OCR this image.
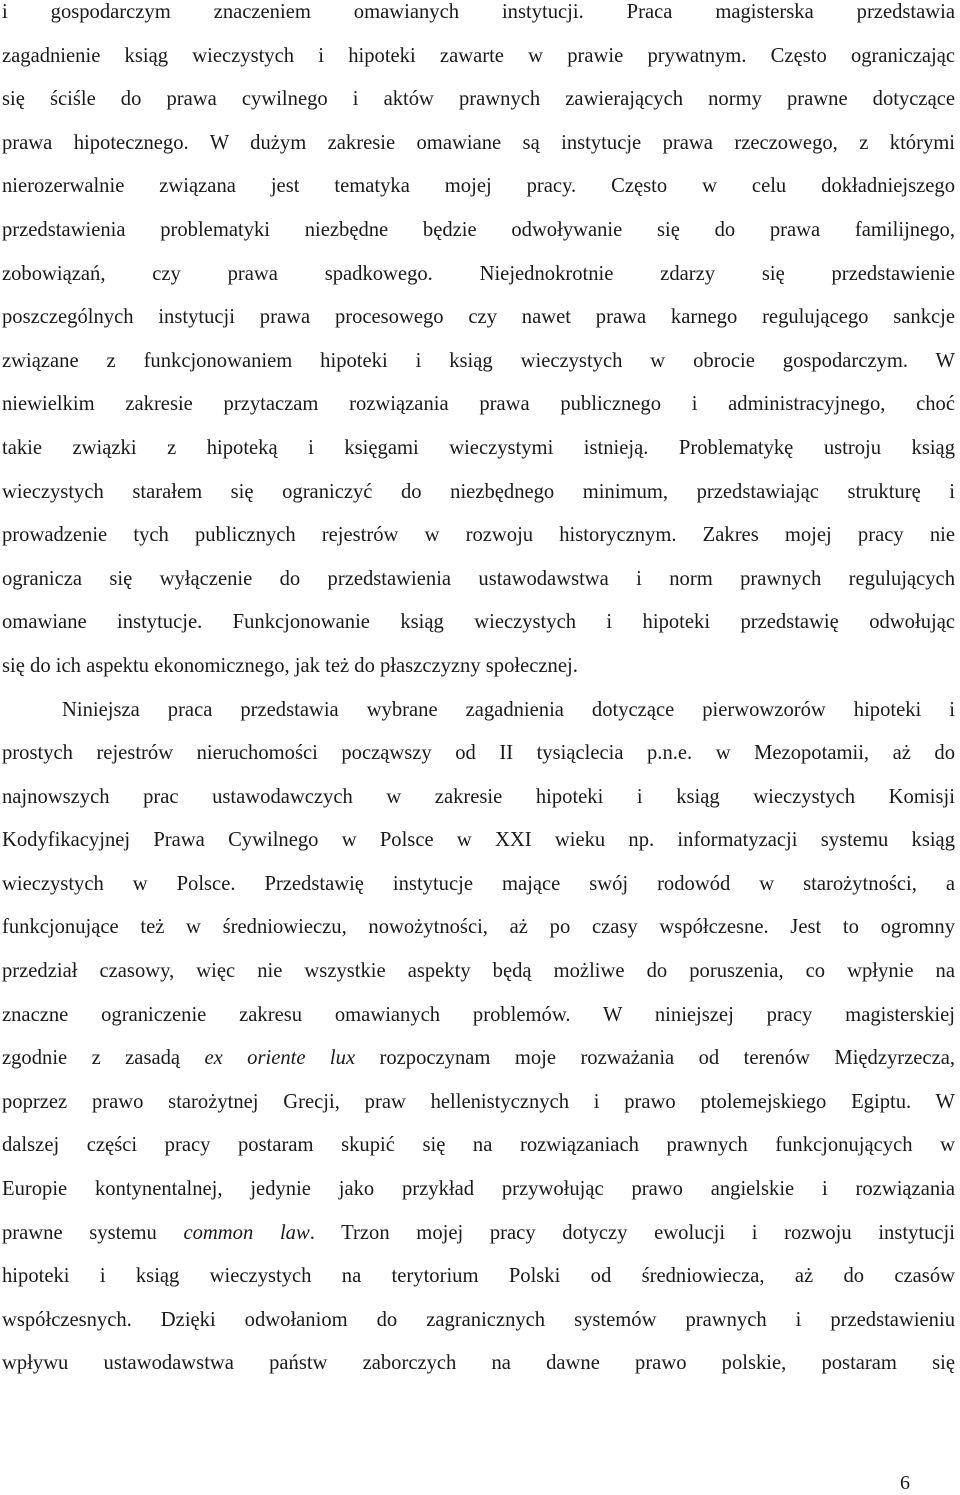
i gospodarczym znaczeniem omawianych instytucji. Praca magisterska przedstawia
zagadnienie ksiąg wieczystych i hipoteki zawarte w prawie prywatnym. Często ograniczając
się ściśle do prawa cywilnego i aktów prawnych zawierających normy prawne dotyczące
prawa hipotecznego. W dużym zakresie omawiane są instytucje prawa rzeczowego, z którymi
nierozerwalnie związana jest tematyka mojej pracy. Często w celu dokładniejszego
przedstawienia problematyki niezbędne będzie odwoływanie się do prawa familijnego,
zobowiązań, czy prawa spadkowego. Niejednokrotnie zdarzy się przedstawienie
poszczególnych instytucji prawa procesowego czy nawet prawa karnego regulującego sankcje
związane z funkcjonowaniem hipoteki i ksiąg wieczystych w obrocie gospodarczym. W
niewielkim zakresie przytaczam rozwiązania prawa publicznego i administracyjnego, choć
takie związki z hipoteką i księgami wieczystymi istnieją. Problematykę ustroju ksiąg
wieczystych starałem się ograniczyć do niezbędnego minimum, przedstawiając strukturę i
prowadzenie tych publicznych rejestrów w rozwoju historycznym. Zakres mojej pracy nie
ogranicza się wyłączenie do przedstawienia ustawodawstwa i norm prawnych regulujących
omawiane instytucje. Funkcjonowanie ksiąg wieczystych i hipoteki przedstawię odwołując
się do ich aspektu ekonomicznego, jak też do płaszczyzny społecznej.
Niniejsza praca przedstawia wybrane zagadnienia dotyczące pierwowzorów hipoteki i
prostych rejestrów nieruchomości począwszy od II tysiąclecia p.n.e. w Mezopotamii, aż do
najnowszych prac ustawodawczych w zakresie hipoteki i ksiąg wieczystych Komisji
Kodyfikacyjnej Prawa Cywilnego w Polsce w XXI wieku np. informatyzacji systemu ksiąg
wieczystych w Polsce. Przedstawię instytucje mające swój rodowód w starożytności, a
funkcjonujące też w średniowieczu, nowożytności, aż po czasy współczesne. Jest to ogromny
przedział czasowy, więc nie wszystkie aspekty będą możliwe do poruszenia, co wpłynie na
znaczne ograniczenie zakresu omawianych problemów. W niniejszej pracy magisterskiej
zgodnie z zasadą ex oriente lux rozpoczynam moje rozważania od terenów Międzyrzecza,
poprzez prawo starożytnej Grecji, praw hellenistycznych i prawo ptolemejskiego Egiptu. W
dalszej części pracy postaram skupić się na rozwiązaniach prawnych funkcjonujących w
Europie kontynentalnej, jedynie jako przykład przywołując prawo angielskie i rozwiązania
prawne systemu common law. Trzon mojej pracy dotyczy ewolucji i rozwoju instytucji
hipoteki i ksiąg wieczystych na terytorium Polski od średniowiecza, aż do czasów
współczesnych. Dzięki odwołaniom do zagranicznych systemów prawnych i przedstawieniu
wpływu ustawodawstwa państw zaborczych na dawne prawo polskie, postaram się
6
